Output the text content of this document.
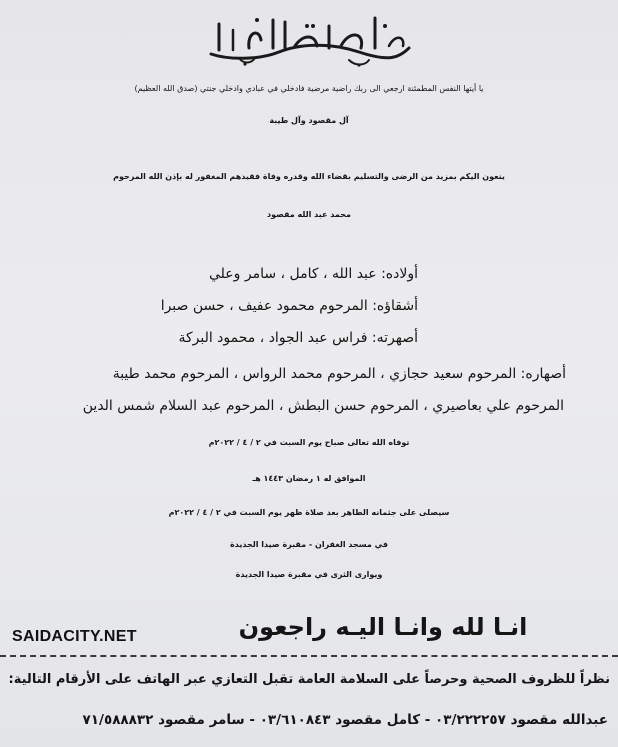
يا أيتها النفس المطمئنة ارجعي الى ربك راضية مرضية فادخلي في عبادي وادخلي جنتي (صدق الله العظيم)
آل مقصود وآل طيبة
ينعون اليكم بمزيد من الرضى والتسليم بقضاء الله وقدره وفاة فقيدهم المغفور له بإذن الله المرحوم
محمد عبد الله مقصود
أولاده: عبد الله ، كامل ، سامر وعلي
أشقاؤه: المرحوم محمود عفيف ، حسن صبرا
أصهرته: فراس عبد الجواد ، محمود البركة
أصهاره: المرحوم سعيد حجازي ، المرحوم محمد الرواس ، المرحوم محمد طيبة
المرحوم علي بعاصيري ، المرحوم حسن البطش ، المرحوم عبد السلام شمس الدين
توفاه الله تعالى صباح يوم السبت في ٢ / ٤ / ٢٠٢٢م
الموافق له ١ رمضان ١٤٤٣ هـ
سيصلى على جثمانه الطاهر بعد صلاة ظهر يوم السبت في ٢ / ٤ / ٢٠٢٢م
في مسجد الغفران - مقبرة صيدا الجديدة
ويوارى الثرى في مقبرة صيدا الجديدة
SAIDACITY.NET	انـا لله وانـا اليـه راجعون
نظراً للظروف الصحية وحرصاً على السلامة العامة تقبل التعازي عبر الهاتف على الأرقام التالية:
عبدالله مقصود ٠٣/٢٢٢٢٥٧ - كامل مقصود ٠٣/٦١٠٨٤٣ - سامر مقصود ٧١/٥٨٨٨٣٢
